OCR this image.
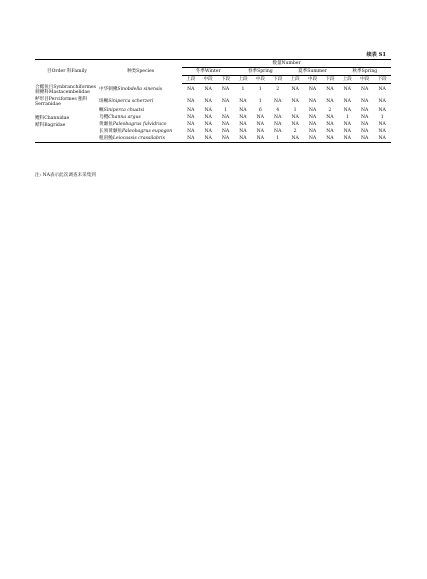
续表 S1
目Order 科Family	种类Species	数量Number											
		冬季Winter			春季Spring			夏季Summer			秋季Spring		
		上段	中段	下段	上段	中段	下段	上段	中段	下段	上段	中段	下段
合鳃鱼目Synbranchiformes 刺鳅科Mastacembelidae	中华刺鳅Sinobdella sinensis	NA	NA	NA	1	1	2	NA	NA	NA	NA	NA	NA
鲈形目Perciformes 鮨科Serranidae	斑鳜Siniperca scherzeri	NA	NA	NA	NA	1	NA	NA	NA	NA	NA	NA	NA
	鳜Siniperca chuatsi	NA	NA	1	NA	6	4	1	NA	2	NA	NA	NA
鳢科Channidae	乌鳢Channa argus	NA	NA	NA	NA	NA	NA	NA	NA	NA	1	NA	1
鲿科Bagridae	黄颡鱼Paleobagrus fulvidraco	NA	NA	NA	NA	NA	NA	NA	NA	NA	NA	NA	NA
	长须黄颡鱼Paleobagrus eupogon	NA	NA	NA	NA	NA	NA	2	NA	NA	NA	NA	NA
	粗唇鮠Leiocassis crassilabris	NA	NA	NA	NA	NA	1	NA	NA	NA	NA	NA	NA
注: NA表示此次调查未采集到
